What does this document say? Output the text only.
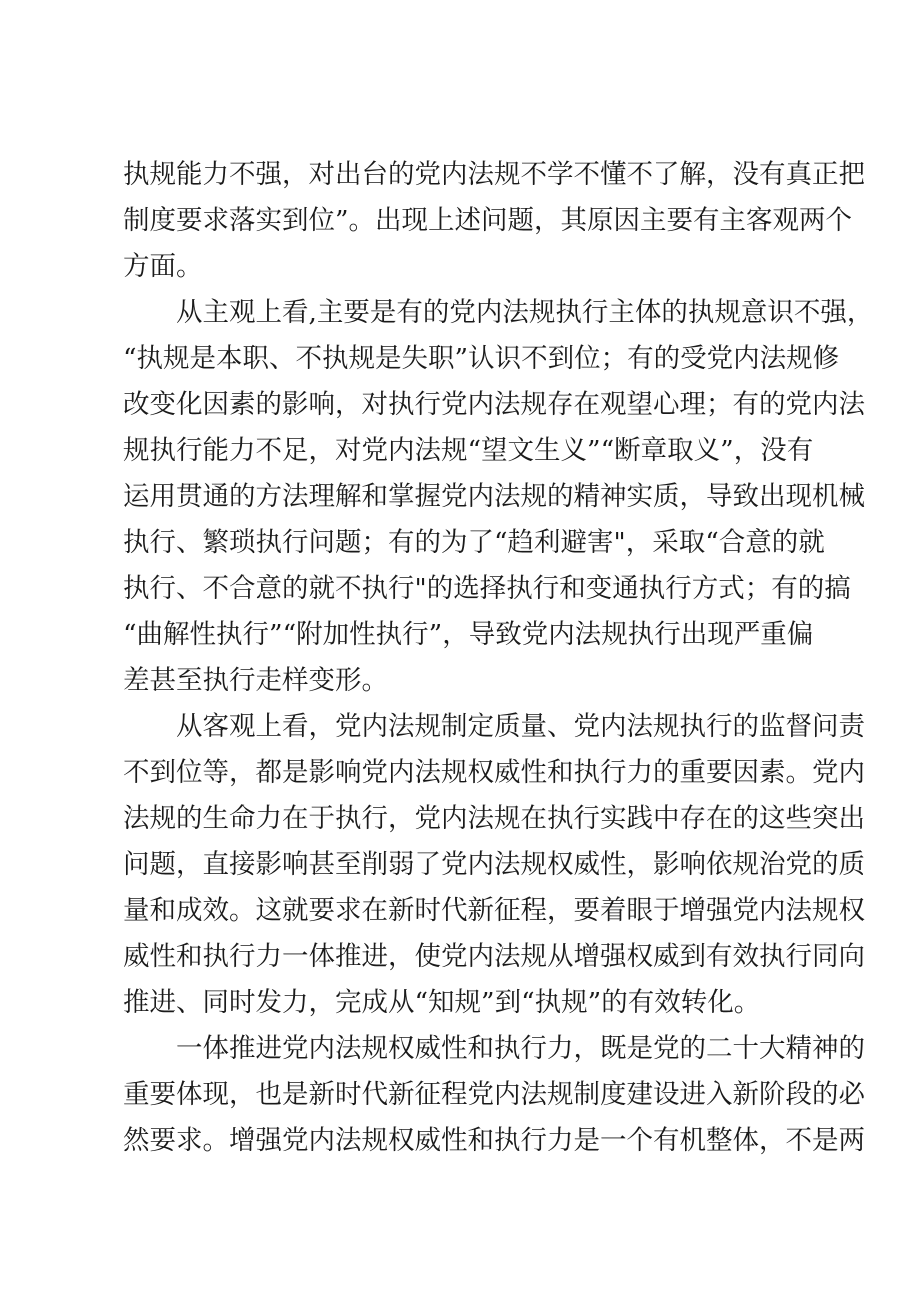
执规能力不强，对出台的党内法规不学不懂不了解，没有真正把
制度要求落实到位”。出现上述问题，其原因主要有主客观两个
方面。
从主观上看,主要是有的党内法规执行主体的执规意识不强，
“执规是本职、不执规是失职”认识不到位；有的受党内法规修
改变化因素的影响，对执行党内法规存在观望心理；有的党内法
规执行能力不足，对党内法规“望文生义”“断章取义”，没有
运用贯通的方法理解和掌握党内法规的精神实质，导致出现机械
执行、繁琐执行问题；有的为了“趋利避害"，采取“合意的就
执行、不合意的就不执行"的选择执行和变通执行方式；有的搞
“曲解性执行”“附加性执行”，导致党内法规执行出现严重偏
差甚至执行走样变形。
从客观上看，党内法规制定质量、党内法规执行的监督问责
不到位等，都是影响党内法规权威性和执行力的重要因素。党内
法规的生命力在于执行，党内法规在执行实践中存在的这些突出
问题，直接影响甚至削弱了党内法规权威性，影响依规治党的质
量和成效。这就要求在新时代新征程，要着眼于增强党内法规权
威性和执行力一体推进，使党内法规从增强权威到有效执行同向
推进、同时发力，完成从“知规”到“执规”的有效转化。
一体推进党内法规权威性和执行力，既是党的二十大精神的
重要体现，也是新时代新征程党内法规制度建设进入新阶段的必
然要求。增强党内法规权威性和执行力是一个有机整体，不是两
